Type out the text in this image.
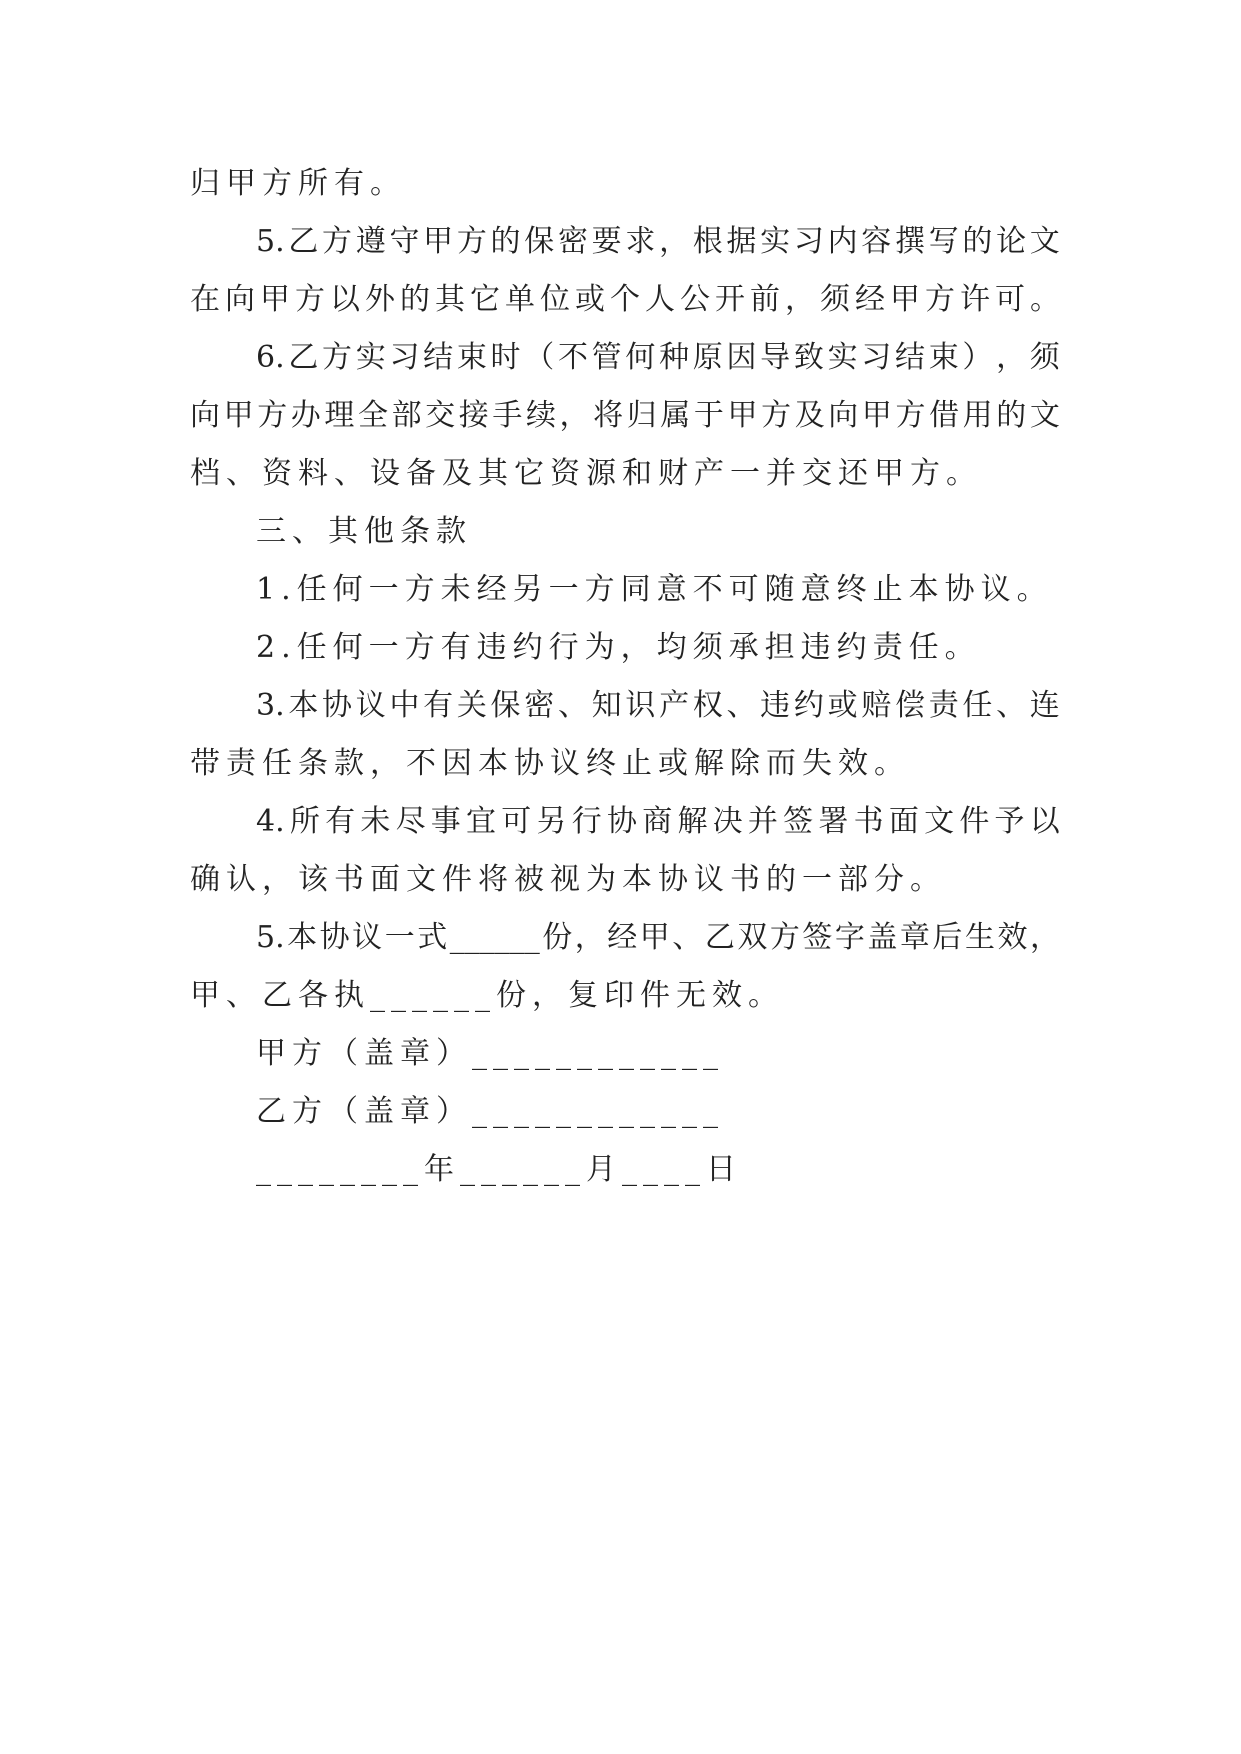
归甲方所有。
5. 乙 方 遵 守 甲 方 的 保 密 要 求 ， 根 据 实 习 内 容 撰 写 的 论 文
在 向 甲 方 以 外 的 其 它 单 位 或 个 人 公 开 前 ， 须 经 甲 方 许 可 。
6. 乙 方 实 习 结 束 时 （ 不 管 何 种 原 因 导 致 实 习 结 束 ） ， 须
向 甲 方 办 理 全 部 交 接 手 续 ， 将 归 属 于 甲 方 及 向 甲 方 借 用 的 文
档、资料、设备及其它资源和财产一并交还甲方。
三、其他条款
1.任何一方未经另一方同意不可随意终止本协议。
2.任何一方有违约行为，均须承担违约责任。
3. 本 协 议 中 有 关 保 密 、 知 识 产 权 、 违 约 或 赔 偿 责 任 、 连
带责任条款，不因本协议终止或解除而失效。
4. 所 有 未 尽 事 宜 可 另 行 协 商 解 决 并 签 署 书 面 文 件 予 以
确认，该书面文件将被视为本协议书的一部分。
5. 本 协 议 一 式 ______ 份 ， 经 甲 、 乙 双 方 签 字 盖 章 后 生 效 ，
甲、乙各执______份，复印件无效。
甲方（盖章）____________
乙方（盖章）____________
________年______月____日
